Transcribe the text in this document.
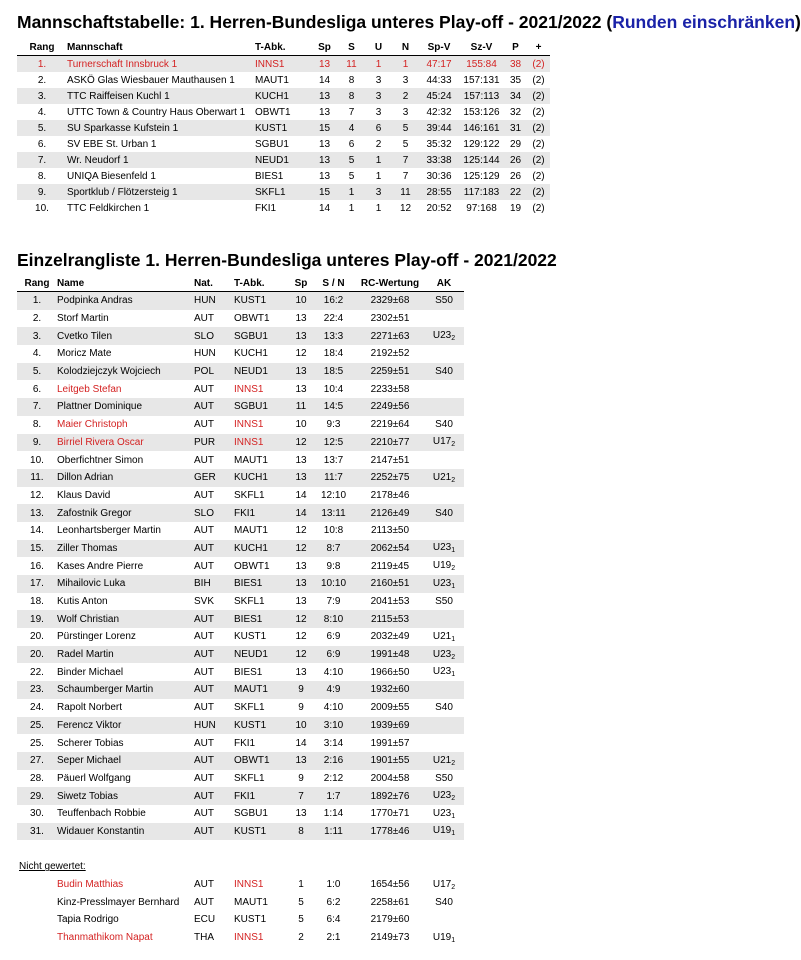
Mannschaftstabelle: 1. Herren-Bundesliga unteres Play-off - 2021/2022 (Runden einschränken)
Rang	Mannschaft	T-Abk.	Sp	S	U	N	Sp-V	Sz-V	P	+
1.	Turnerschaft Innsbruck 1	INNS1	13	11	1	1	47:17	155:84	38	(2)
2.	ASKÖ Glas Wiesbauer Mauthausen 1	MAUT1	14	8	3	3	44:33	157:131	35	(2)
3.	TTC Raiffeisen Kuchl 1	KUCH1	13	8	3	2	45:24	157:113	34	(2)
4.	UTTC Town & Country Haus Oberwart 1	OBWT1	13	7	3	3	42:32	153:126	32	(2)
5.	SU Sparkasse Kufstein 1	KUST1	15	4	6	5	39:44	146:161	31	(2)
6.	SV EBE St. Urban 1	SGBU1	13	6	2	5	35:32	129:122	29	(2)
7.	Wr. Neudorf 1	NEUD1	13	5	1	7	33:38	125:144	26	(2)
8.	UNIQA Biesenfeld 1	BIES1	13	5	1	7	30:36	125:129	26	(2)
9.	Sportklub / Flötzersteig 1	SKFL1	15	1	3	11	28:55	117:183	22	(2)
10.	TTC Feldkirchen 1	FKI1	14	1	1	12	20:52	97:168	19	(2)
Einzelrangliste 1. Herren-Bundesliga unteres Play-off - 2021/2022
Rang	Name	Nat.	T-Abk.	Sp	S / N	RC-Wertung	AK
1.	Podpinka Andras	HUN	KUST1	10	16:2	2329±68	S50
2.	Storf Martin	AUT	OBWT1	13	22:4	2302±51	
3.	Cvetko Tilen	SLO	SGBU1	13	13:3	2271±63	$U23_2$
4.	Moricz Mate	HUN	KUCH1	12	18:4	2192±52	
5.	Kolodziejczyk Wojciech	POL	NEUD1	13	18:5	2259±51	S40
6.	Leitgeb Stefan	AUT	INNS1	13	10:4	2233±58	
7.	Plattner Dominique	AUT	SGBU1	11	14:5	2249±56	
8.	Maier Christoph	AUT	INNS1	10	9:3	2219±64	S40
9.	Birriel Rivera Oscar	PUR	INNS1	12	12:5	2210±77	$U17_2$
10.	Oberfichtner Simon	AUT	MAUT1	13	13:7	2147±51	
11.	Dillon Adrian	GER	KUCH1	13	11:7	2252±75	$U21_2$
12.	Klaus David	AUT	SKFL1	14	12:10	2178±46	
13.	Zafostnik Gregor	SLO	FKI1	14	13:11	2126±49	S40
14.	Leonhartsberger Martin	AUT	MAUT1	12	10:8	2113±50	
15.	Ziller Thomas	AUT	KUCH1	12	8:7	2062±54	$U23_1$
16.	Kases Andre Pierre	AUT	OBWT1	13	9:8	2119±45	$U19_2$
17.	Mihailovic Luka	BIH	BIES1	13	10:10	2160±51	$U23_1$
18.	Kutis Anton	SVK	SKFL1	13	7:9	2041±53	S50
19.	Wolf Christian	AUT	BIES1	12	8:10	2115±53	
20.	Pürstinger Lorenz	AUT	KUST1	12	6:9	2032±49	$U21_1$
20.	Radel Martin	AUT	NEUD1	12	6:9	1991±48	$U23_2$
22.	Binder Michael	AUT	BIES1	13	4:10	1966±50	$U23_1$
23.	Schaumberger Martin	AUT	MAUT1	9	4:9	1932±60	
24.	Rapolt Norbert	AUT	SKFL1	9	4:10	2009±55	S40
25.	Ferencz Viktor	HUN	KUST1	10	3:10	1939±69	
25.	Scherer Tobias	AUT	FKI1	14	3:14	1991±57	
27.	Seper Michael	AUT	OBWT1	13	2:16	1901±55	$U21_2$
28.	Päuerl Wolfgang	AUT	SKFL1	9	2:12	2004±58	S50
29.	Siwetz Tobias	AUT	FKI1	7	1:7	1892±76	$U23_2$
30.	Teuffenbach Robbie	AUT	SGBU1	13	1:14	1770±71	$U23_1$
31.	Widauer Konstantin	AUT	KUST1	8	1:11	1778±46	$U19_1$

Nicht gewertet:							
	Budin Matthias	AUT	INNS1	1	1:0	1654±56	$U17_2$
	Kinz-Presslmayer Bernhard	AUT	MAUT1	5	6:2	2258±61	S40
	Tapia Rodrigo	ECU	KUST1	5	6:4	2179±60	
	Thanmathikom Napat	THA	INNS1	2	2:1	2149±73	$U19_1$
